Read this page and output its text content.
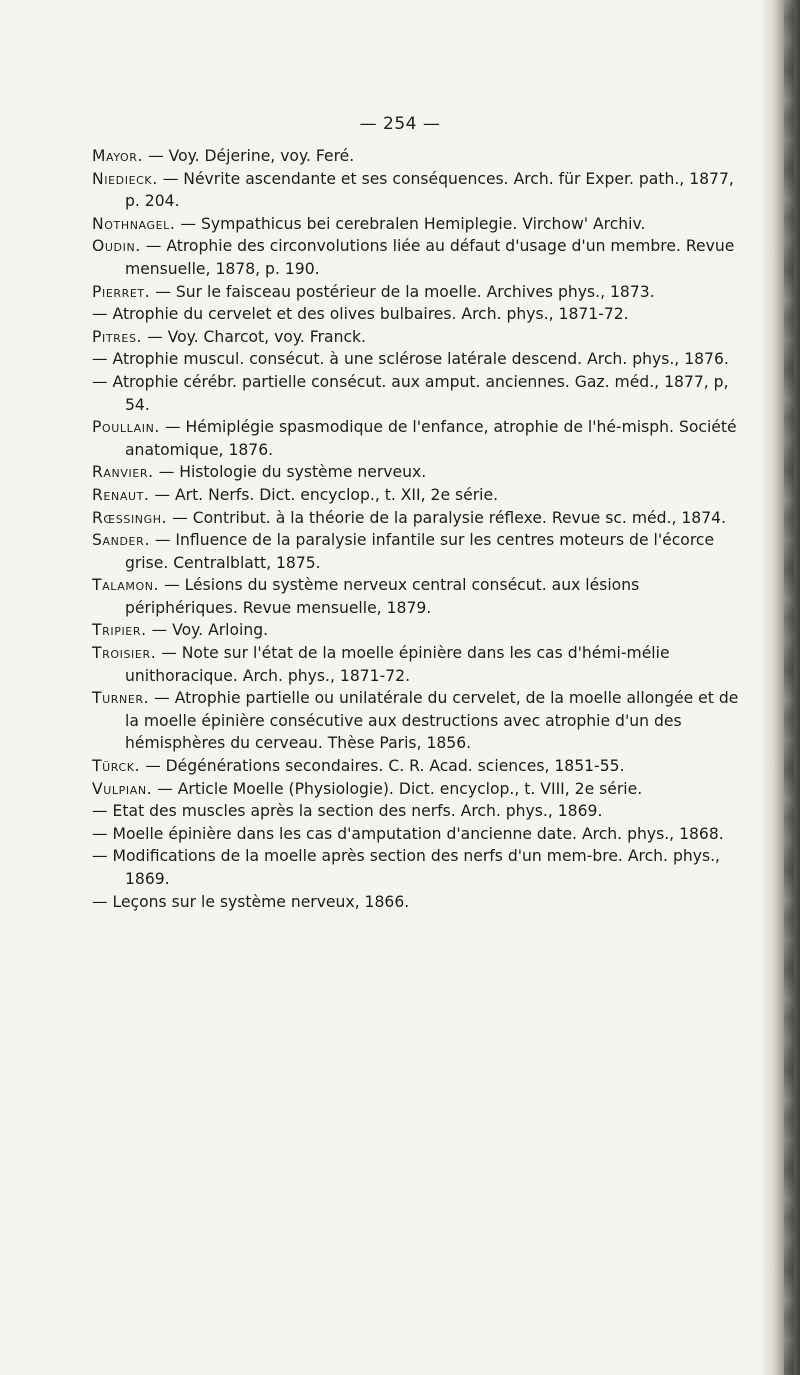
— 254 —
Mayor. — Voy. Déjerine, voy. Feré.
Niedieck. — Névrite ascendante et ses conséquences. Arch. für Exper. path., 1877, p. 204.
Nothnagel. — Sympathicus bei cerebralen Hemiplegie. Virchow' Archiv.
Oudin. — Atrophie des circonvolutions liée au défaut d'usage d'un membre. Revue mensuelle, 1878, p. 190.
Pierret. — Sur le faisceau postérieur de la moelle. Archives phys., 1873.
— Atrophie du cervelet et des olives bulbaires. Arch. phys., 1871-72.
Pitres. — Voy. Charcot, voy. Franck.
— Atrophie muscul. consécut. à une sclérose latérale descend. Arch. phys., 1876.
— Atrophie cérébr. partielle consécut. aux amput. anciennes. Gaz. méd., 1877, p, 54.
Poullain. — Hémiplégie spasmodique de l'enfance, atrophie de l'hé-misph. Société anatomique, 1876.
Ranvier. — Histologie du système nerveux.
Renaut. — Art. Nerfs. Dict. encyclop., t. XII, 2e série.
Rœssingh. — Contribut. à la théorie de la paralysie réflexe. Revue sc. méd., 1874.
Sander. — Influence de la paralysie infantile sur les centres moteurs de l'écorce grise. Centralblatt, 1875.
Talamon. — Lésions du système nerveux central consécut. aux lésions périphériques. Revue mensuelle, 1879.
Tripier. — Voy. Arloing.
Troisier. — Note sur l'état de la moelle épinière dans les cas d'hémi-mélie unithoracique. Arch. phys., 1871-72.
Turner. — Atrophie partielle ou unilatérale du cervelet, de la moelle allongée et de la moelle épinière consécutive aux destructions avec atrophie d'un des hémisphères du cerveau. Thèse Paris, 1856.
Türck. — Dégénérations secondaires. C. R. Acad. sciences, 1851-55.
Vulpian. — Article Moelle (Physiologie). Dict. encyclop., t. VIII, 2e série.
— Etat des muscles après la section des nerfs. Arch. phys., 1869.
— Moelle épinière dans les cas d'amputation d'ancienne date. Arch. phys., 1868.
— Modifications de la moelle après section des nerfs d'un mem-bre. Arch. phys., 1869.
— Leçons sur le système nerveux, 1866.
